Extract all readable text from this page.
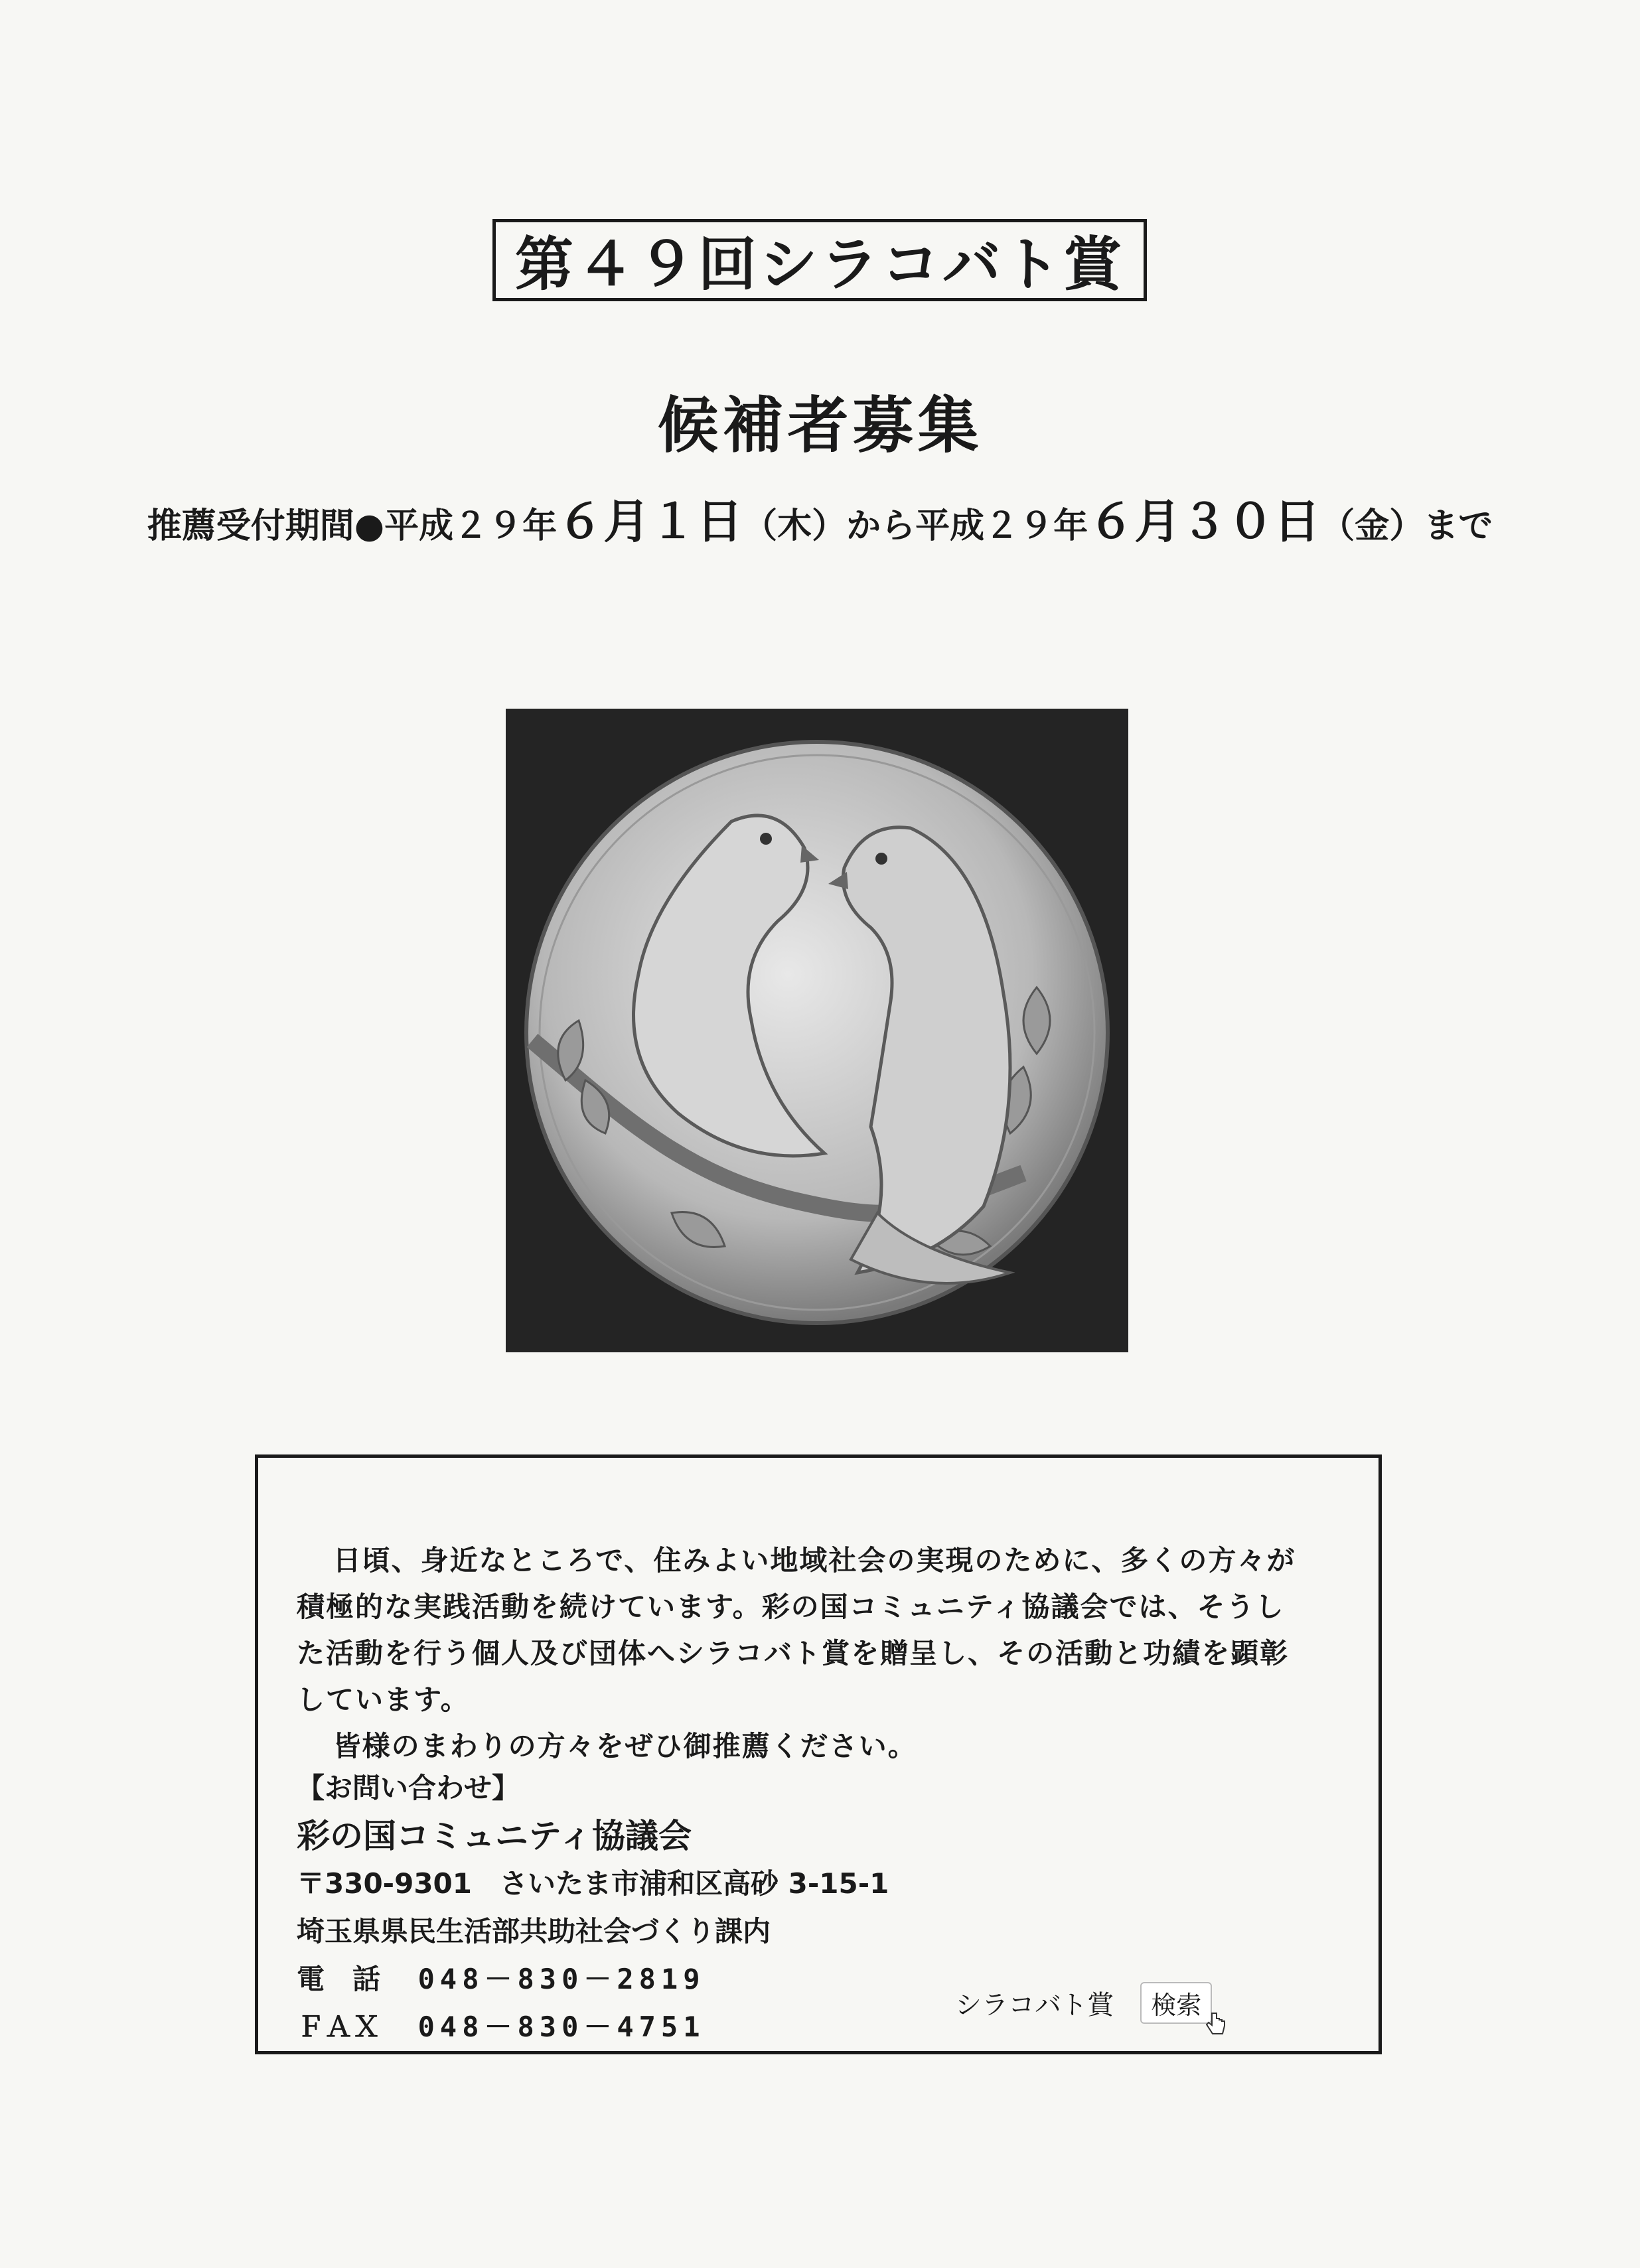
第４９回シラコバト賞
候補者募集
推薦受付期間●平成２９年６月１日（木）から平成２９年６月３０日（金）まで

日頃、身近なところで、住みよい地域社会の実現のために、多くの方々が

積極的な実践活動を続けています。彩の国コミュニティ協議会では、そうし

た活動を行う個人及び団体へシラコバト賞を贈呈し、その活動と功績を顕彰

しています。

皆様のまわりの方々をぜひ御推薦ください。

【お問い合わせ】
彩の国コミュニティ協議会
〒330-9301　さいたま市浦和区高砂 3-15-1
埼玉県県民生活部共助社会づくり課内
電　話　 048－830－2819
ＦＡＸ　 048－830－4751
シラコバト賞	検索
